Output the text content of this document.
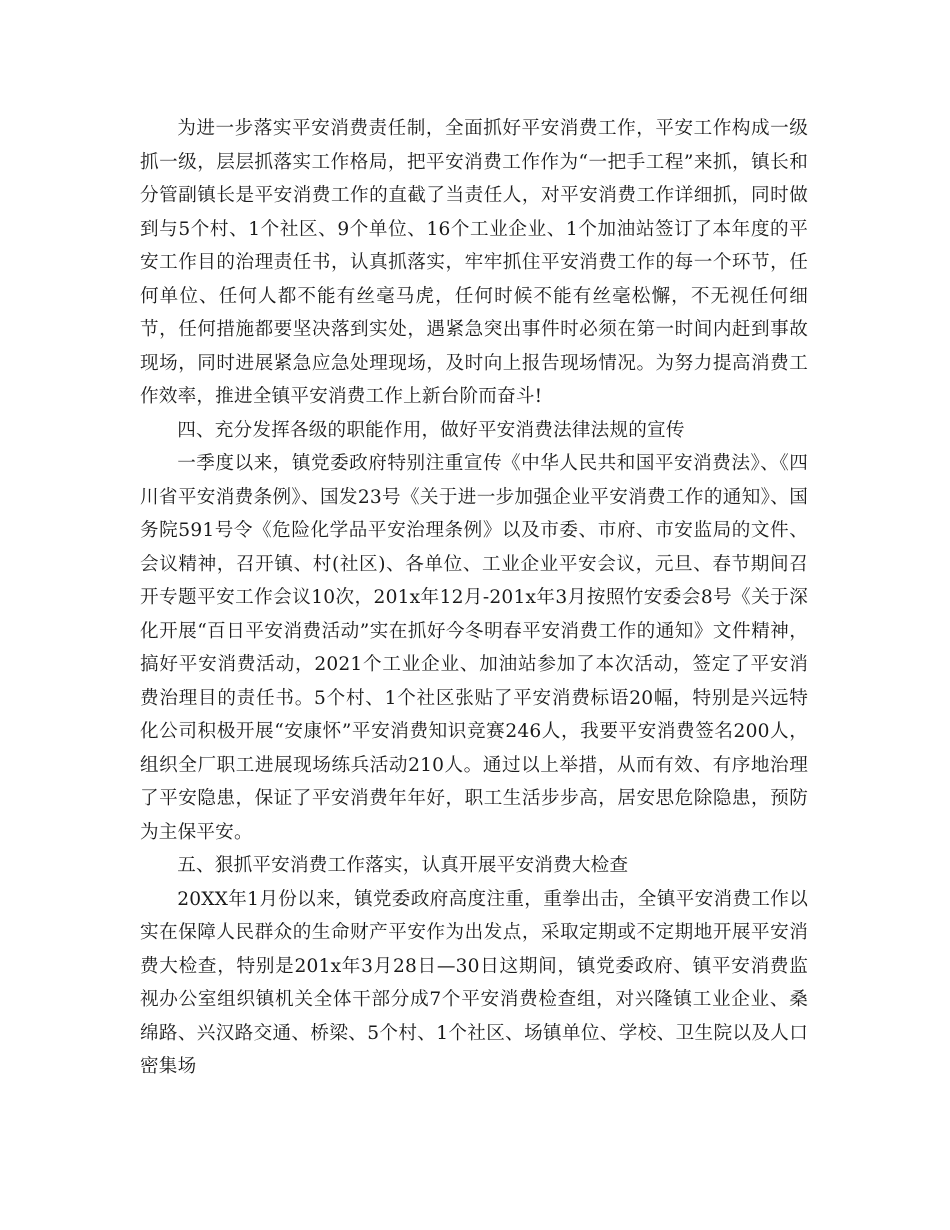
为进一步落实平安消费责任制，全面抓好平安消费工作，平安工作构成一级抓一级，层层抓落实工作格局，把平安消费工作作为“一把手工程”来抓，镇长和分管副镇长是平安消费工作的直截了当责任人，对平安消费工作详细抓，同时做到与5个村、1个社区、9个单位、16个工业企业、1个加油站签订了本年度的平安工作目的治理责任书，认真抓落实，牢牢抓住平安消费工作的每一个环节，任何单位、任何人都不能有丝毫马虎，任何时候不能有丝毫松懈，不无视任何细节，任何措施都要坚决落到实处，遇紧急突出事件时必须在第一时间内赶到事故现场，同时进展紧急应急处理现场，及时向上报告现场情况。为努力提高消费工作效率，推进全镇平安消费工作上新台阶而奋斗!

四、充分发挥各级的职能作用，做好平安消费法律法规的宣传

一季度以来，镇党委政府特别注重宣传《中华人民共和国平安消费法》、《四川省平安消费条例》、国发23号《关于进一步加强企业平安消费工作的通知》、国务院591号令《危险化学品平安治理条例》以及市委、市府、市安监局的文件、会议精神，召开镇、村(社区)、各单位、工业企业平安会议，元旦、春节期间召开专题平安工作会议10次，201x年12月-201x年3月按照竹安委会8号《关于深化开展“百日平安消费活动”实在抓好今冬明春平安消费工作的通知》文件精神，搞好平安消费活动，2021个工业企业、加油站参加了本次活动，签定了平安消费治理目的责任书。5个村、1个社区张贴了平安消费标语20幅，特别是兴远特化公司积极开展“安康怀”平安消费知识竞赛246人，我要平安消费签名200人，组织全厂职工进展现场练兵活动210人。通过以上举措，从而有效、有序地治理了平安隐患，保证了平安消费年年好，职工生活步步高，居安思危除隐患，预防为主保平安。

五、狠抓平安消费工作落实，认真开展平安消费大检查

20XX年1月份以来，镇党委政府高度注重，重拳出击，全镇平安消费工作以实在保障人民群众的生命财产平安作为出发点，采取定期或不定期地开展平安消费大检查，特别是201x年3月28日—30日这期间，镇党委政府、镇平安消费监视办公室组织镇机关全体干部分成7个平安消费检查组，对兴隆镇工业企业、桑绵路、兴汉路交通、桥梁、5个村、1个社区、场镇单位、学校、卫生院以及人口密集场
